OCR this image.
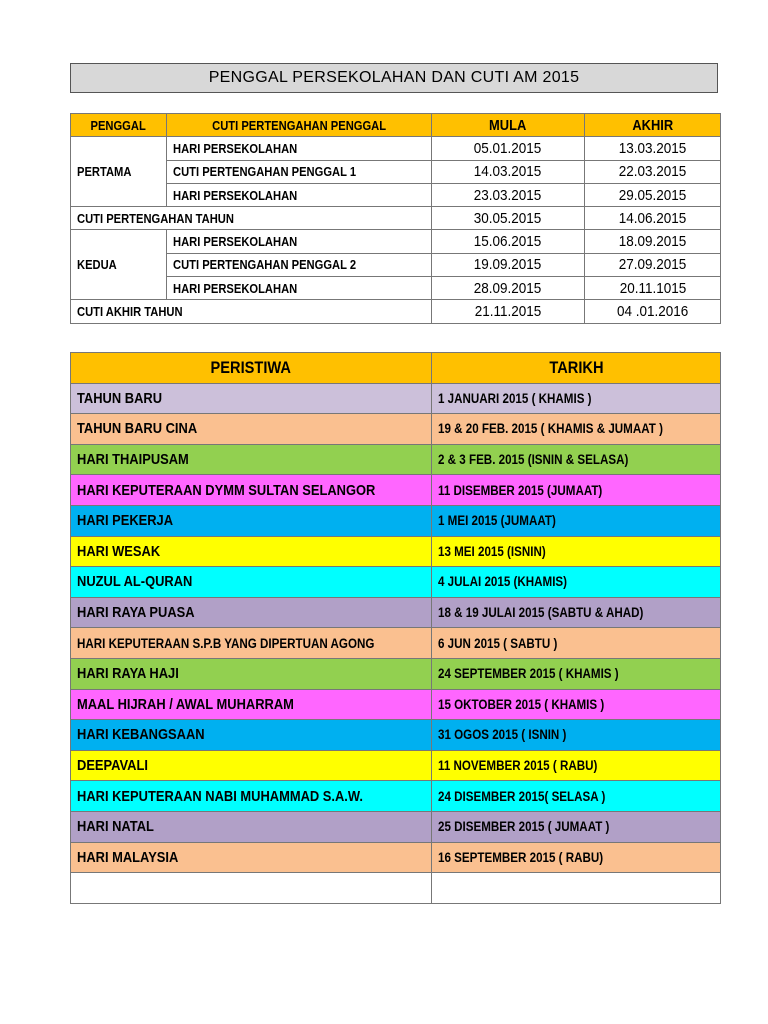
PENGGAL PERSEKOLAHAN DAN CUTI AM 2015
PENGGAL	CUTI PERTENGAHAN PENGGAL	MULA	AKHIR
PERTAMA	HARI PERSEKOLAHAN	05.01.2015	13.03.2015
	CUTI PERTENGAHAN PENGGAL 1	14.03.2015	22.03.2015
	HARI PERSEKOLAHAN	23.03.2015	29.05.2015
CUTI PERTENGAHAN TAHUN		30.05.2015	14.06.2015
KEDUA	HARI PERSEKOLAHAN	15.06.2015	18.09.2015
	CUTI PERTENGAHAN PENGGAL 2	19.09.2015	27.09.2015
	HARI PERSEKOLAHAN	28.09.2015	20.11.1015
CUTI AKHIR TAHUN		21.11.2015	04 .01.2016
PERISTIWA	TARIKH
TAHUN BARU	1 JANUARI 2015 ( KHAMIS )
TAHUN BARU CINA	19 & 20 FEB. 2015 ( KHAMIS & JUMAAT )
HARI THAIPUSAM	2 & 3 FEB. 2015 (ISNIN & SELASA)
HARI KEPUTERAAN DYMM SULTAN SELANGOR	11 DISEMBER 2015 (JUMAAT)
HARI PEKERJA	1 MEI 2015 (JUMAAT)
HARI WESAK	13 MEI 2015 (ISNIN)
NUZUL AL-QURAN	4 JULAI 2015 (KHAMIS)
HARI RAYA PUASA	18 & 19 JULAI 2015 (SABTU & AHAD)
HARI KEPUTERAAN S.P.B YANG DIPERTUAN AGONG	6 JUN 2015 ( SABTU )
HARI RAYA HAJI	24 SEPTEMBER 2015 ( KHAMIS )
MAAL HIJRAH / AWAL MUHARRAM	15 OKTOBER 2015 ( KHAMIS )
HARI KEBANGSAAN	31 OGOS 2015 ( ISNIN )
DEEPAVALI	11 NOVEMBER 2015 ( RABU)
HARI KEPUTERAAN NABI MUHAMMAD S.A.W.	24 DISEMBER 2015( SELASA )
HARI NATAL	25 DISEMBER 2015 ( JUMAAT )
HARI MALAYSIA	16 SEPTEMBER 2015 ( RABU)
